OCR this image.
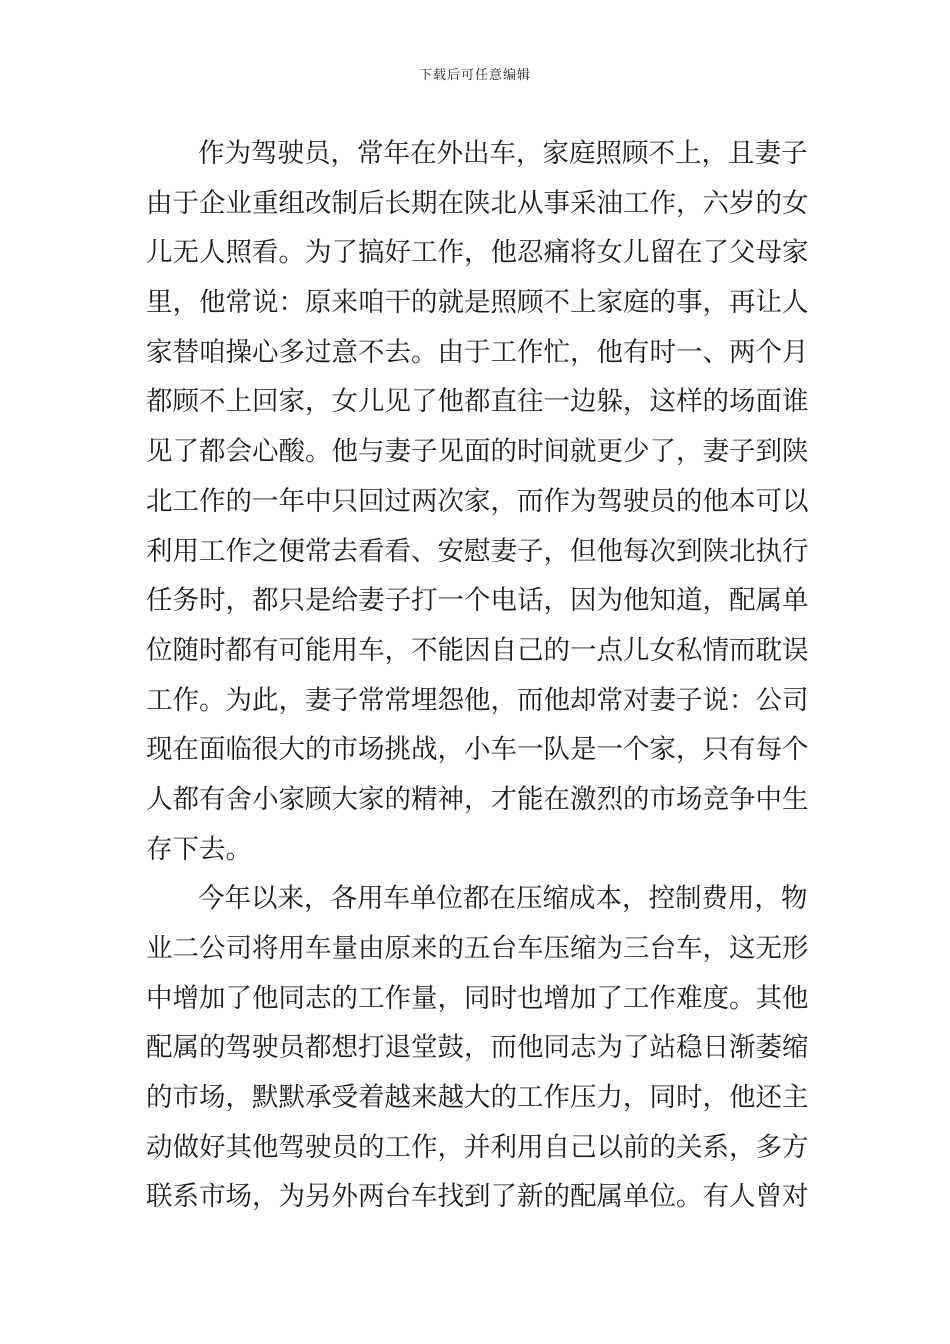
下载后可任意编辑
作为驾驶员，常年在外出车，家庭照顾不上，且妻子
由于企业重组改制后长期在陕北从事采油工作，六岁的女
儿无人照看。为了搞好工作，他忍痛将女儿留在了父母家
里，他常说：原来咱干的就是照顾不上家庭的事，再让人
家替咱操心多过意不去。由于工作忙，他有时一、两个月
都顾不上回家，女儿见了他都直往一边躲，这样的场面谁
见了都会心酸。他与妻子见面的时间就更少了，妻子到陕
北工作的一年中只回过两次家，而作为驾驶员的他本可以
利用工作之便常去看看、安慰妻子，但他每次到陕北执行
任务时，都只是给妻子打一个电话，因为他知道，配属单
位随时都有可能用车，不能因自己的一点儿女私情而耽误
工作。为此，妻子常常埋怨他，而他却常对妻子说：公司
现在面临很大的市场挑战，小车一队是一个家，只有每个
人都有舍小家顾大家的精神，才能在激烈的市场竞争中生
存下去。
今年以来，各用车单位都在压缩成本，控制费用，物
业二公司将用车量由原来的五台车压缩为三台车，这无形
中增加了他同志的工作量，同时也增加了工作难度。其他
配属的驾驶员都想打退堂鼓，而他同志为了站稳日渐萎缩
的市场，默默承受着越来越大的工作压力，同时，他还主
动做好其他驾驶员的工作，并利用自己以前的关系，多方
联系市场，为另外两台车找到了新的配属单位。有人曾对
